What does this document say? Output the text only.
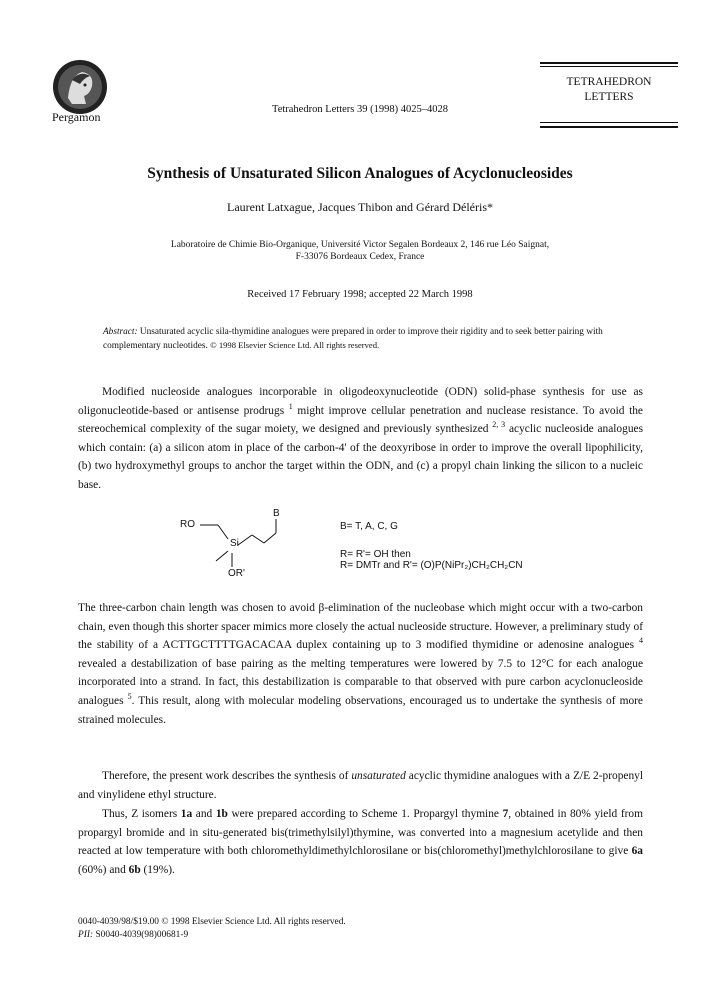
Pergamon
Tetrahedron Letters 39 (1998) 4025–4028
TETRAHEDRON
LETTERS
Synthesis of Unsaturated Silicon Analogues of Acyclonucleosides
Laurent Latxague, Jacques Thibon and Gérard Déléris*
Laboratoire de Chimie Bio-Organique, Université Victor Segalen Bordeaux 2, 146 rue Léo Saignat,
F-33076 Bordeaux Cedex, France
Received 17 February 1998; accepted 22 March 1998
Abstract: Unsaturated acyclic sila-thymidine analogues were prepared in order to improve their rigidity and to seek better pairing with complementary nucleotides. © 1998 Elsevier Science Ltd. All rights reserved.
Modified nucleoside analogues incorporable in oligodeoxynucleotide (ODN) solid-phase synthesis for use as oligonucleotide-based or antisense prodrugs $^1$ might improve cellular penetration and nuclease resistance. To avoid the stereochemical complexity of the sugar moiety, we designed and previously synthesized $^{2, 3}$ acyclic nucleoside analogues which contain: (a) a silicon atom in place of the carbon-4' of the deoxyribose in order to improve the overall lipophilicity, (b) two hydroxymethyl groups to anchor the target within the ODN, and (c) a propyl chain linking the silicon to a nucleic base.
B
RO
Si
OR'
B= T, A, C, G
R= R'= OH then
R= DMTr and R'= (O)P(NiPr₂)CH₂CH₂CN
The three-carbon chain length was chosen to avoid β-elimination of the nucleobase which might occur with a two-carbon chain, even though this shorter spacer mimics more closely the actual nucleoside structure. However, a preliminary study of the stability of a ACTTGCTTTTGACACAA duplex containing up to 3 modified thymidine or adenosine analogues $^4$ revealed a destabilization of base pairing as the melting temperatures were lowered by 7.5 to 12°C for each analogue incorporated into a strand. In fact, this destabilization is comparable to that observed with pure carbon acyclonucleoside analogues $^5$. This result, along with molecular modeling observations, encouraged us to undertake the synthesis of more strained molecules.
Therefore, the present work describes the synthesis of unsaturated acyclic thymidine analogues with a Z/E 2-propenyl and vinylidene ethyl structure.
Thus, Z isomers 1a and 1b were prepared according to Scheme 1. Propargyl thymine 7, obtained in 80% yield from propargyl bromide and in situ-generated bis(trimethylsilyl)thymine, was converted into a magnesium acetylide and then reacted at low temperature with both chloromethyldimethylchlorosilane or bis(chloromethyl)methylchlorosilane to give 6a (60%) and 6b (19%).
0040-4039/98/$19.00 © 1998 Elsevier Science Ltd. All rights reserved.
PII: S0040-4039(98)00681-9
